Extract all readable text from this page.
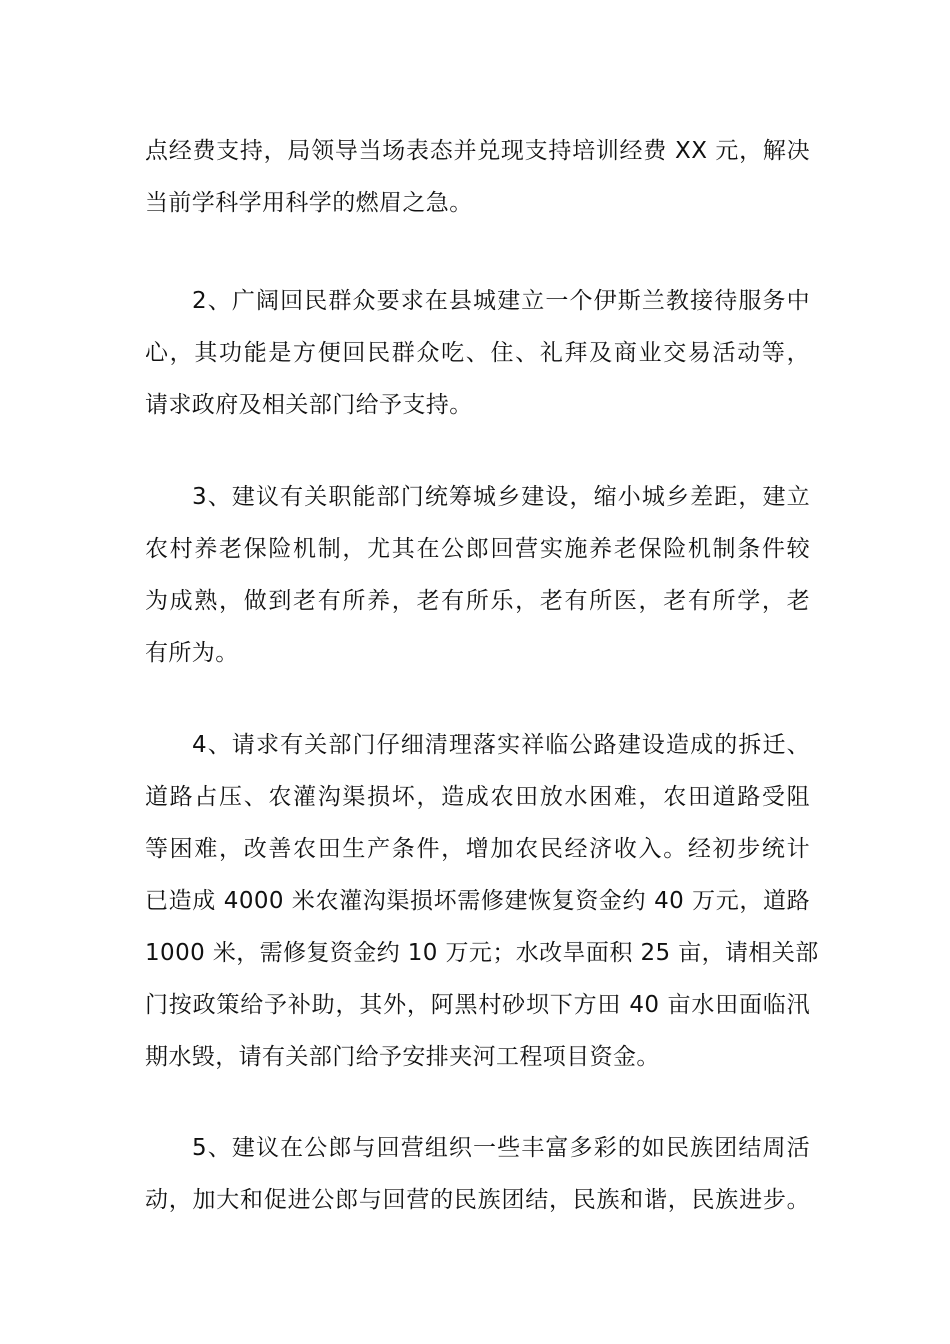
点经费支持，局领导当场表态并兑现支持培训经费 XX 元，解决
当前学科学用科学的燃眉之急。
2、广阔回民群众要求在县城建立一个伊斯兰教接待服务中
心，其功能是方便回民群众吃、住、礼拜及商业交易活动等，
请求政府及相关部门给予支持。
3、建议有关职能部门统筹城乡建设，缩小城乡差距，建立
农村养老保险机制，尤其在公郎回营实施养老保险机制条件较
为成熟，做到老有所养，老有所乐，老有所医，老有所学，老
有所为。
4、请求有关部门仔细清理落实祥临公路建设造成的拆迁、
道路占压、农灌沟渠损坏，造成农田放水困难，农田道路受阻
等困难，改善农田生产条件，增加农民经济收入。经初步统计
已造成 4000 米农灌沟渠损坏需修建恢复资金约 40 万元，道路
1000 米，需修复资金约 10 万元；水改旱面积 25 亩，请相关部
门按政策给予补助，其外，阿黑村砂坝下方田 40 亩水田面临汛
期水毁，请有关部门给予安排夹河工程项目资金。
5、建议在公郎与回营组织一些丰富多彩的如民族团结周活
动，加大和促进公郎与回营的民族团结，民族和谐，民族进步。
